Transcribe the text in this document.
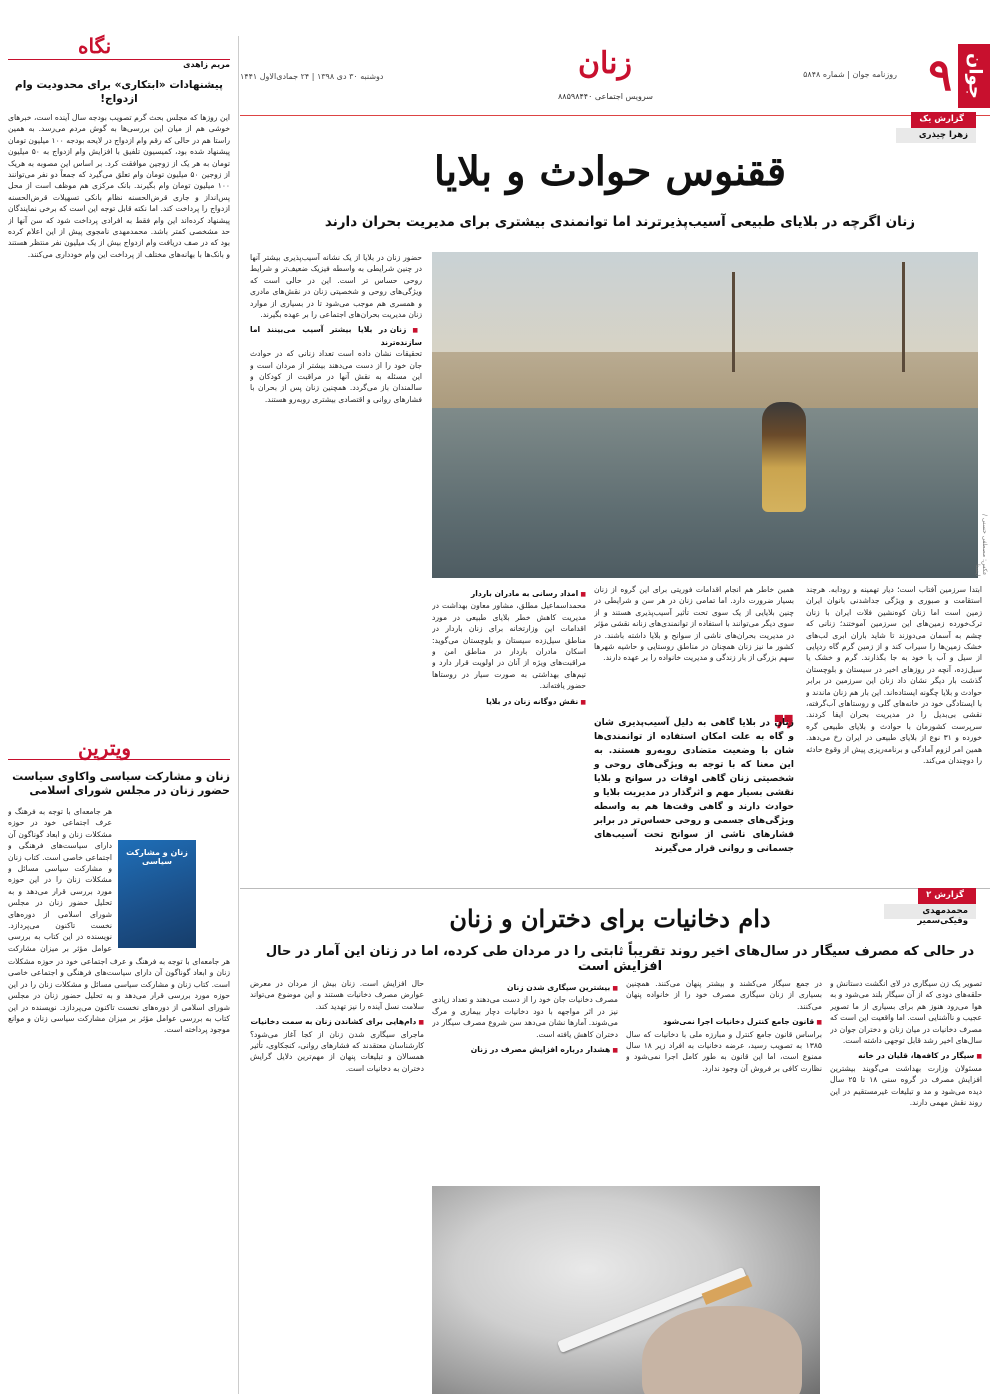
جوان
۹
روزنامه جوان | شماره ۵۸۴۸
زنان
سرویس اجتماعی ۸۸۵۹۸۴۴۰
دوشنبه ۳۰ دی ۱۳۹۸ | ۲۴ جمادی‌الاول ۱۴۴۱
گزارش یک
زهرا چیذری
ققنوس حوادث و بلایا
زنان اگرچه در بلایای طبیعی آسیب‌پذیرترند اما توانمندی بیشتری برای مدیریت بحران دارند
عکس: مصطفی حسنی / ایسنا

ابتدا سرزمین آفتاب است؛ دیار تهمینه و رودابه. هرچند استقامت و صبوری و ویژگی جداشدنی بانوان ایران زمین است اما زنان کوه‌نشین فلات ایران با زنان ترک‌خورده زمین‌های این سرزمین آموختند؛ زنانی که چشم به آسمان می‌دوزند تا شاید باران ابری لب‌های خشک زمین‌ها را سیراب کند و از زمین گرم گاه ردپایی از سیل و آب با خود به جا بگذارند. گرم و خشک یا سیل‌زده، آنچه در روزهای اخیر در سیستان و بلوچستان گذشت بار دیگر نشان داد زنان این سرزمین در برابر حوادث و بلایا چگونه ایستاده‌اند. این بار هم زنان ماندند و با ایستادگی خود در خانه‌های گلی و روستاهای آب‌گرفته، نقشی بی‌بدیل را در مدیریت بحران ایفا کردند. سرپرست کشورمان با حوادث و بلایای طبیعی گره خورده و ۳۱ نوع از بلایای طبیعی در ایران رخ می‌دهد. همین امر لزوم آمادگی و برنامه‌ریزی پیش از وقوع حادثه را دوچندان می‌کند.

همین خاطر هم انجام اقدامات فوریتی برای این گروه از زنان بسیار ضرورت دارد. اما تمامی زنان در هر سن و شرایطی در چنین بلایایی از یک سوی تحت تأثیر آسیب‌پذیری هستند و از سوی دیگر می‌توانند با استفاده از توانمندی‌های زنانه نقشی مؤثر در مدیریت بحران‌های ناشی از سوانح و بلایا داشته باشند. در کشور ما نیز زنان همچنان در مناطق روستایی و حاشیه شهرها سهم بزرگی از بار زندگی و مدیریت خانواده را بر عهده دارند.

❞
زنان در بلایا گاهی به دلیل آسیب‌پذیری شان و گاه به علت امکان استفاده از توانمندی‌ها شان با وضعیت متضادی روبه‌رو هستند. به این معنا که با توجه به ویژگی‌های روحی و شخصیتی زنان گاهی اوقات در سوانح و بلایا نقشی بسیار مهم و اثرگذار در مدیریت بلایا و حوادث دارند و گاهی وقت‌ها هم به واسطه ویژگی‌های جسمی و روحی حساس‌تر در برابر فشارهای ناشی از سوانح تحت آسیب‌های جسمانی و روانی قرار می‌گیرند
■ امداد رسانی به مادران باردار

محمداسماعیل مطلق، مشاور معاون بهداشت در مدیریت کاهش خطر بلایای طبیعی در مورد اقدامات این وزارتخانه برای زنان باردار در مناطق سیل‌زده سیستان و بلوچستان می‌گوید: اسکان مادران باردار در مناطق امن و مراقبت‌های ویژه از آنان در اولویت قرار دارد و تیم‌های بهداشتی به صورت سیار در روستاها حضور یافته‌اند.

■ نقش دوگانه زنان در بلایا

حضور زنان در بلایا از یک نشانه آسیب‌پذیری بیشتر آنها در چنین شرایطی به واسطه فیزیک ضعیف‌تر و شرایط روحی حساس تر است. این در حالی است که ویژگی‌های روحی و شخصیتی زنان در نقش‌های مادری و همسری هم موجب می‌شود تا در بسیاری از موارد زنان مدیریت بحران‌های اجتماعی را بر عهده بگیرند.

■ زنان در بلایا بیشتر آسیب می‌بینند اما سازنده‌ترند

تحقیقات نشان داده است تعداد زنانی که در حوادث جان خود را از دست می‌دهند بیشتر از مردان است و این مسئله به نقش آنها در مراقبت از کودکان و سالمندان باز می‌گردد. همچنین زنان پس از بحران با فشارهای روانی و اقتصادی بیشتری روبه‌رو هستند.

گزارش ۲
محمدمهدی وفیکی‌سمیر
دام دخانیات برای دختران و زنان
در حالی که مصرف سیگار در سال‌های اخیر روند تقریباً ثابتی را در مردان طی کرده، اما در زنان این آمار در حال افزایش است

تصویر یک زن سیگاری در لای انگشت دستانش و حلقه‌های دودی که از آن سیگار بلند می‌شود و به هوا می‌رود هنوز هم برای بسیاری از ما تصویر عجیب و ناآشنایی است. اما واقعیت این است که مصرف دخانیات در میان زنان و دختران جوان در سال‌های اخیر رشد قابل توجهی داشته است.

■ سیگار در کافه‌ها، قلیان در خانه

مسئولان وزارت بهداشت می‌گویند بیشترین افزایش مصرف در گروه سنی ۱۸ تا ۲۵ سال دیده می‌شود و مد و تبلیغات غیرمستقیم در این روند نقش مهمی دارند.

در جمع سیگار می‌کشند و بیشتر پنهان می‌کنند. همچنین بسیاری از زنان سیگاری مصرف خود را از خانواده پنهان می‌کنند.

■ قانون جامع کنترل دخانیات اجرا نمی‌شود

براساس قانون جامع کنترل و مبارزه ملی با دخانیات که سال ۱۳۸۵ به تصویب رسید، عرضه دخانیات به افراد زیر ۱۸ سال ممنوع است، اما این قانون به طور کامل اجرا نمی‌شود و نظارت کافی بر فروش آن وجود ندارد.

■ بیشترین سیگاری شدن زنان

مصرف دخانیات جان خود را از دست می‌دهند و تعداد زیادی نیز در اثر مواجهه با دود دخانیات دچار بیماری و مرگ می‌شوند. آمارها نشان می‌دهد سن شروع مصرف سیگار در دختران کاهش یافته است.

■ هشدار درباره افزایش مصرف در زنان

حال افزایش است. زنان بیش از مردان در معرض عوارض مصرف دخانیات هستند و این موضوع می‌تواند سلامت نسل آینده را نیز تهدید کند.

■ دام‌هایی برای کشاندن زنان به سمت دخانیات

ماجرای سیگاری شدن زنان از کجا آغاز می‌شود؟ کارشناسان معتقدند که فشارهای روانی، کنجکاوی، تأثیر همسالان و تبلیغات پنهان از مهم‌ترین دلایل گرایش دختران به دخانیات است.

نگاه
مریم زاهدی
پیشنهادات «ابتکاری» برای محدودیت وام ازدواج!

این روزها که مجلس بحث گرم تصویب بودجه سال آینده است، خبرهای خوشی هم از میان این بررسی‌ها به گوش مردم می‌رسد. به همین راستا هم در حالی که رقم وام ازدواج در لایحه بودجه ۱۰۰ میلیون تومان پیشنهاد شده بود، کمیسیون تلفیق با افزایش وام ازدواج به ۵۰ میلیون تومان به هر یک از زوجین موافقت کرد. بر اساس این مصوبه به هریک از زوجین ۵۰ میلیون تومان وام تعلق می‌گیرد که جمعاً دو نفر می‌توانند ۱۰۰ میلیون تومان وام بگیرند. بانک مرکزی هم موظف است از محل پس‌انداز و جاری قرض‌الحسنه نظام بانکی تسهیلات قرض‌الحسنه ازدواج را پرداخت کند. اما نکته قابل توجه این است که برخی نمایندگان پیشنهاد کرده‌اند این وام فقط به افرادی پرداخت شود که سن آنها از حد مشخصی کمتر باشد. محمدمهدی نامجوی پیش از این اعلام کرده بود که در صف دریافت وام ازدواج بیش از یک میلیون نفر منتظر هستند و بانک‌ها با بهانه‌های مختلف از پرداخت این وام خودداری می‌کنند.

ویترین
زنان و مشارکت سیاسی واکاوی سیاست حضور زنان در مجلس شورای اسلامی
زنان و مشارکت سیاسی

هر جامعه‌ای با توجه به فرهنگ و عرف اجتماعی خود در حوزه مشکلات زنان و ابعاد گوناگون آن دارای سیاست‌های فرهنگی و اجتماعی خاصی است. کتاب زنان و مشارکت سیاسی مسائل و مشکلات زنان را در این حوزه مورد بررسی قرار می‌دهد و به تحلیل حضور زنان در مجلس شورای اسلامی از دوره‌های نخست تاکنون می‌پردازد. نویسنده در این کتاب به بررسی عوامل مؤثر بر میزان مشارکت

هر جامعه‌ای با توجه به فرهنگ و عرف اجتماعی خود در حوزه مشکلات زنان و ابعاد گوناگون آن دارای سیاست‌های فرهنگی و اجتماعی خاصی است. کتاب زنان و مشارکت سیاسی مسائل و مشکلات زنان را در این حوزه مورد بررسی قرار می‌دهد و به تحلیل حضور زنان در مجلس شورای اسلامی از دوره‌های نخست تاکنون می‌پردازد. نویسنده در این کتاب به بررسی عوامل مؤثر بر میزان مشارکت سیاسی زنان و موانع موجود پرداخته است.
